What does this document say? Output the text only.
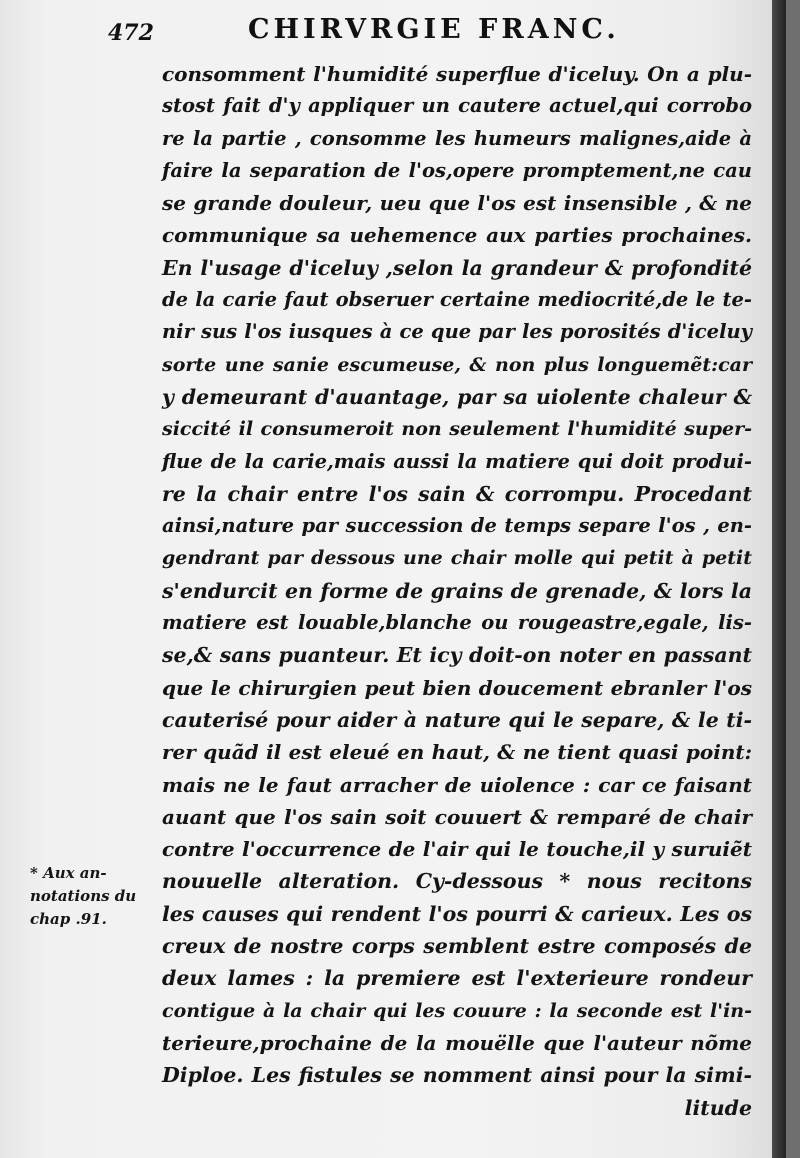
472	CHIRVRGIE FRANC.
consomment l'humidité superflue d'iceluy. On a plu-
stost fait d'y appliquer un cautere actuel,qui corrobo
re la partie , consomme les humeurs malignes,aide à
faire la separation de l'os,opere promptement,ne cau
se grande douleur, ueu que l'os est insensible , & ne
communique sa uehemence aux parties prochaines.
En l'usage d'iceluy ,selon la grandeur & profondité
de la carie faut obseruer certaine mediocrité,de le te-
nir sus l'os iusques à ce que par les porosités d'iceluy
sorte une sanie escumeuse, & non plus longuemẽt:car
y demeurant d'auantage, par sa uiolente chaleur &
siccité il consumeroit non seulement l'humidité super-
flue de la carie,mais aussi la matiere qui doit produi-
re la chair entre l'os sain & corrompu. Procedant
ainsi,nature par succession de temps separe l'os , en-
gendrant par dessous une chair molle qui petit à petit
s'endurcit en forme de grains de grenade, & lors la
matiere est louable,blanche ou rougeastre,egale, lis-
se,& sans puanteur. Et icy doit-on noter en passant
que le chirurgien peut bien doucement ebranler l'os
cauterisé pour aider à nature qui le separe, & le ti-
rer quãd il est eleué en haut, & ne tient quasi point:
mais ne le faut arracher de uiolence : car ce faisant
auant que l'os sain soit couuert & remparé de chair
contre l'occurrence de l'air qui le touche,il y suruiẽt
nouuelle alteration. Cy-dessous * nous recitons
les causes qui rendent l'os pourri & carieux. Les os
creux de nostre corps semblent estre composés de
deux lames : la premiere est l'exterieure rondeur
contigue à la chair qui les couure : la seconde est l'in-
terieure,prochaine de la mouëlle que l'auteur nõme
Diploe. Les fistules se nomment ainsi pour la simi-
litude
* Aux an-
notations du
chap .91.
